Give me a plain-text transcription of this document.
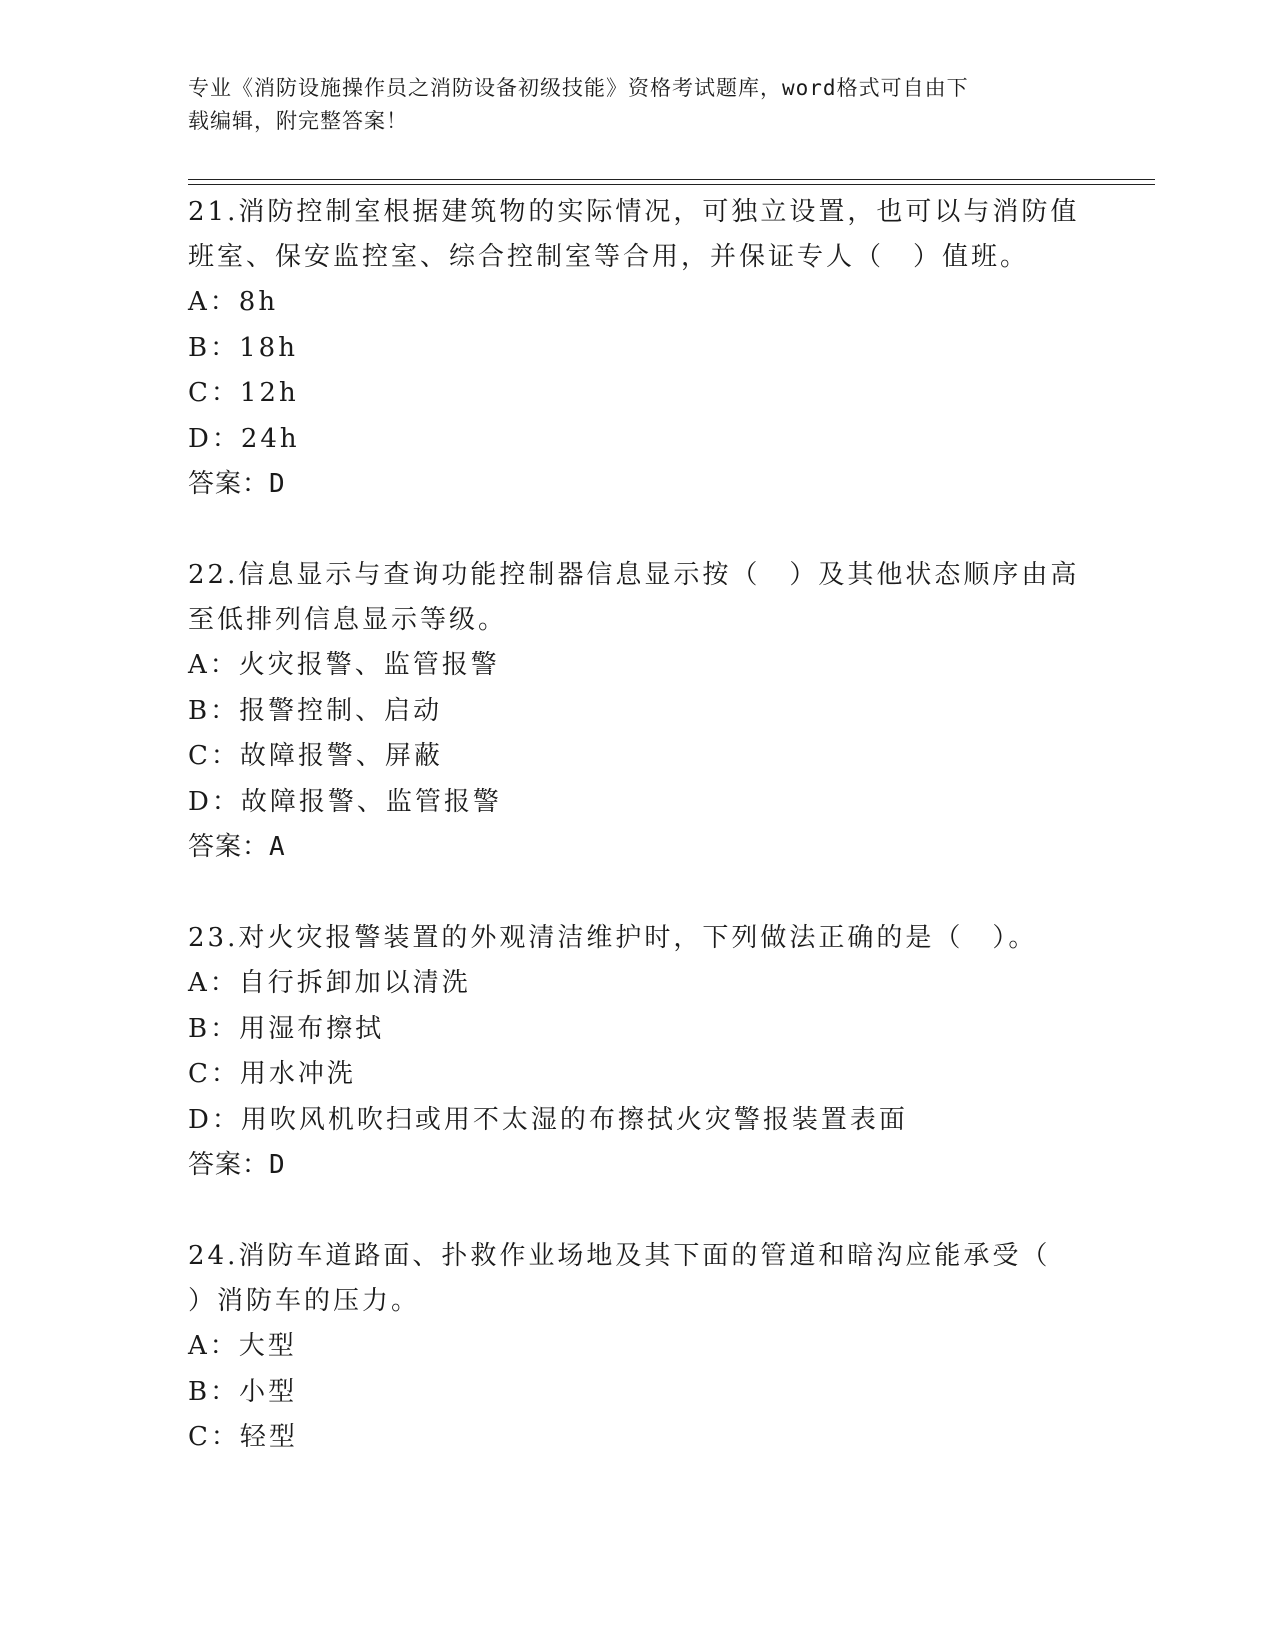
专业《消防设施操作员之消防设备初级技能》资格考试题库，word格式可自由下
载编辑，附完整答案！
21.消防控制室根据建筑物的实际情况，可独立设置，也可以与消防值
班室、保安监控室、综合控制室等合用，并保证专人（　）值班。
A：8h
B：18h
C：12h
D：24h
答案：D
22.信息显示与查询功能控制器信息显示按（　）及其他状态顺序由高
至低排列信息显示等级。
A：火灾报警、监管报警
B：报警控制、启动
C：故障报警、屏蔽
D：故障报警、监管报警
答案：A
23.对火灾报警装置的外观清洁维护时，下列做法正确的是（　）。
A：自行拆卸加以清洗
B：用湿布擦拭
C：用水冲洗
D：用吹风机吹扫或用不太湿的布擦拭火灾警报装置表面
答案：D
24.消防车道路面、扑救作业场地及其下面的管道和暗沟应能承受（
）消防车的压力。
A：大型
B：小型
C：轻型
